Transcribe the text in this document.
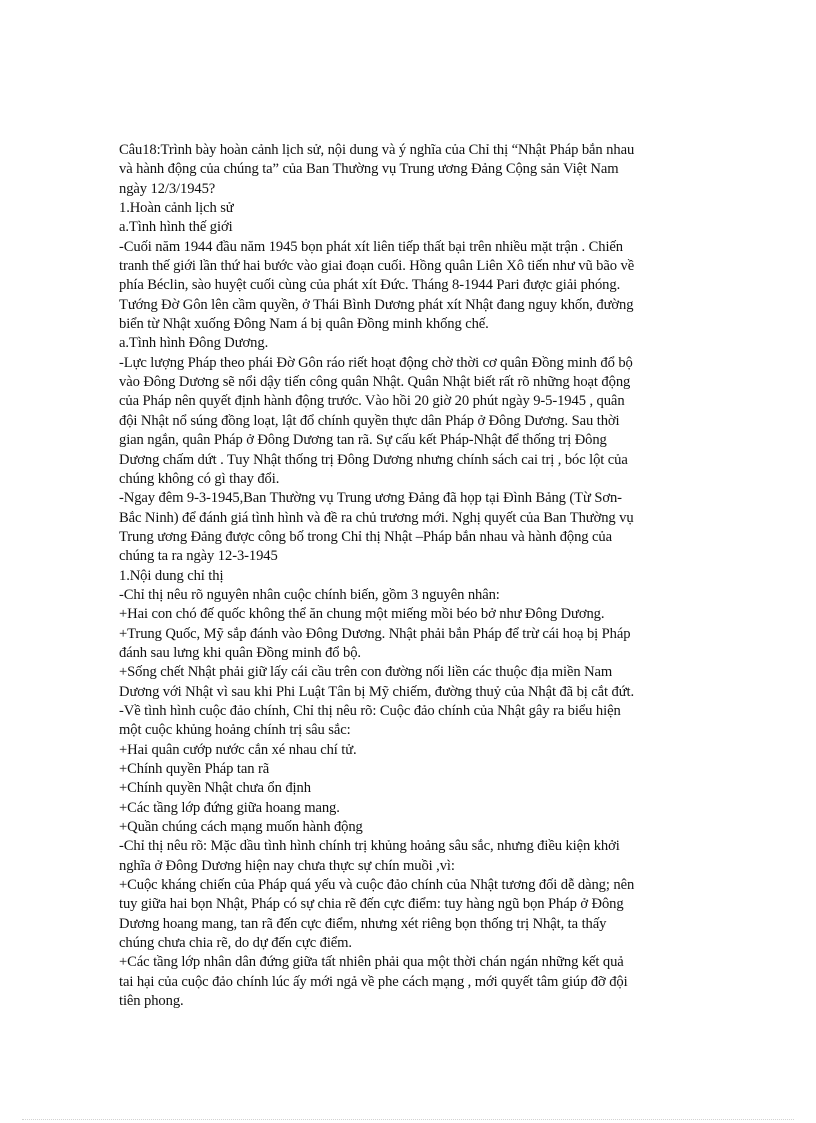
Câu18:Trình bày hoàn cảnh lịch sử, nội dung và ý nghĩa của Chỉ thị “Nhật Pháp bắn nhau
và hành động của chúng ta” của Ban Thường vụ Trung ương Đảng Cộng sản Việt Nam
ngày 12/3/1945?
1.Hoàn cảnh lịch sử
a.Tình hình thế giới
-Cuối năm 1944 đầu năm 1945 bọn phát xít liên tiếp thất bại trên nhiều mặt trận . Chiến
tranh thế giới lần thứ hai bước vào giai đoạn cuối. Hồng quân Liên Xô tiến như vũ bão về
phía Béclin, sào huyệt cuối cùng của phát xít Đức. Tháng 8-1944 Pari được giải phóng.
Tướng Đờ Gôn lên cầm quyền, ở Thái Bình Dương phát xít Nhật đang nguy khốn, đường
biển từ Nhật xuống Đông Nam á bị quân Đồng minh khống chế.
a.Tình hình Đông Dương.
-Lực lượng Pháp theo phái Đờ Gôn ráo riết hoạt động chờ thời cơ quân Đồng minh đổ bộ
vào Đông Dương sẽ nổi dậy tiến công quân Nhật. Quân Nhật biết rất rõ những hoạt động
của Pháp nên quyết định hành động trước. Vào hồi 20 giờ 20 phút ngày 9-5-1945 , quân
đội Nhật nổ súng đồng loạt, lật đổ chính quyền thực dân Pháp ở Đông Dương. Sau thời
gian ngắn, quân Pháp ở Đông Dương tan rã. Sự cấu kết Pháp-Nhật để thống trị Đông
Dương chấm dứt . Tuy Nhật thống trị Đông Dương nhưng chính sách cai trị , bóc lột của
chúng không có gì thay đổi.
-Ngay đêm 9-3-1945,Ban Thường vụ Trung ương Đảng đã họp tại Đình Bảng (Từ Sơn-
Bắc Ninh) để đánh giá tình hình và đề ra chủ trương mới. Nghị quyết của Ban Thường vụ
Trung ương Đảng được công bố trong Chỉ thị Nhật –Pháp bắn nhau và hành động của
chúng ta ra ngày 12-3-1945
1.Nội dung chỉ thị
-Chỉ thị nêu rõ nguyên nhân cuộc chính biến, gồm 3 nguyên nhân:
+Hai con chó đế quốc không thể ăn chung một miếng mồi béo bở như Đông Dương.
+Trung Quốc, Mỹ sắp đánh vào Đông Dương. Nhật phải bắn Pháp để trừ cái hoạ bị Pháp
đánh sau lưng khi quân Đồng minh đổ bộ.
+Sống chết Nhật phải giữ lấy cái cầu trên con đường nối liền các thuộc địa miền Nam
Dương với Nhật vì sau khi Phi Luật Tân bị Mỹ chiếm, đường thuỷ của Nhật đã bị cắt đứt.
-Về tình hình cuộc đảo chính, Chỉ thị nêu rõ: Cuộc đảo chính của Nhật gây ra biểu hiện
một cuộc khủng hoảng chính trị sâu sắc:
+Hai quân cướp nước cắn xé nhau chí tử.
+Chính quyền Pháp tan rã
+Chính quyền Nhật chưa ổn định
+Các tầng lớp đứng giữa hoang mang.
+Quần chúng cách mạng muốn hành động
-Chỉ thị nêu rõ: Mặc dầu tình hình chính trị khủng hoảng sâu sắc, nhưng điều kiện khởi
nghĩa ở Đông Dương hiện nay chưa thực sự chín muồi ,vì:
+Cuộc kháng chiến của Pháp quá yếu và cuộc đảo chính của Nhật tương đối dễ dàng; nên
tuy giữa hai bọn Nhật, Pháp có sự chia rẽ đến cực điểm: tuy hàng ngũ bọn Pháp ở Đông
Dương hoang mang, tan rã đến cực điểm, nhưng xét riêng bọn thống trị Nhật, ta thấy
chúng chưa chia rẽ, do dự đến cực điểm.
+Các tầng lớp nhân dân đứng giữa tất nhiên phải qua một thời chán ngán những kết quả
tai hại của cuộc đảo chính lúc ấy mới ngả về phe cách mạng , mới quyết tâm giúp đỡ đội
tiên phong.
